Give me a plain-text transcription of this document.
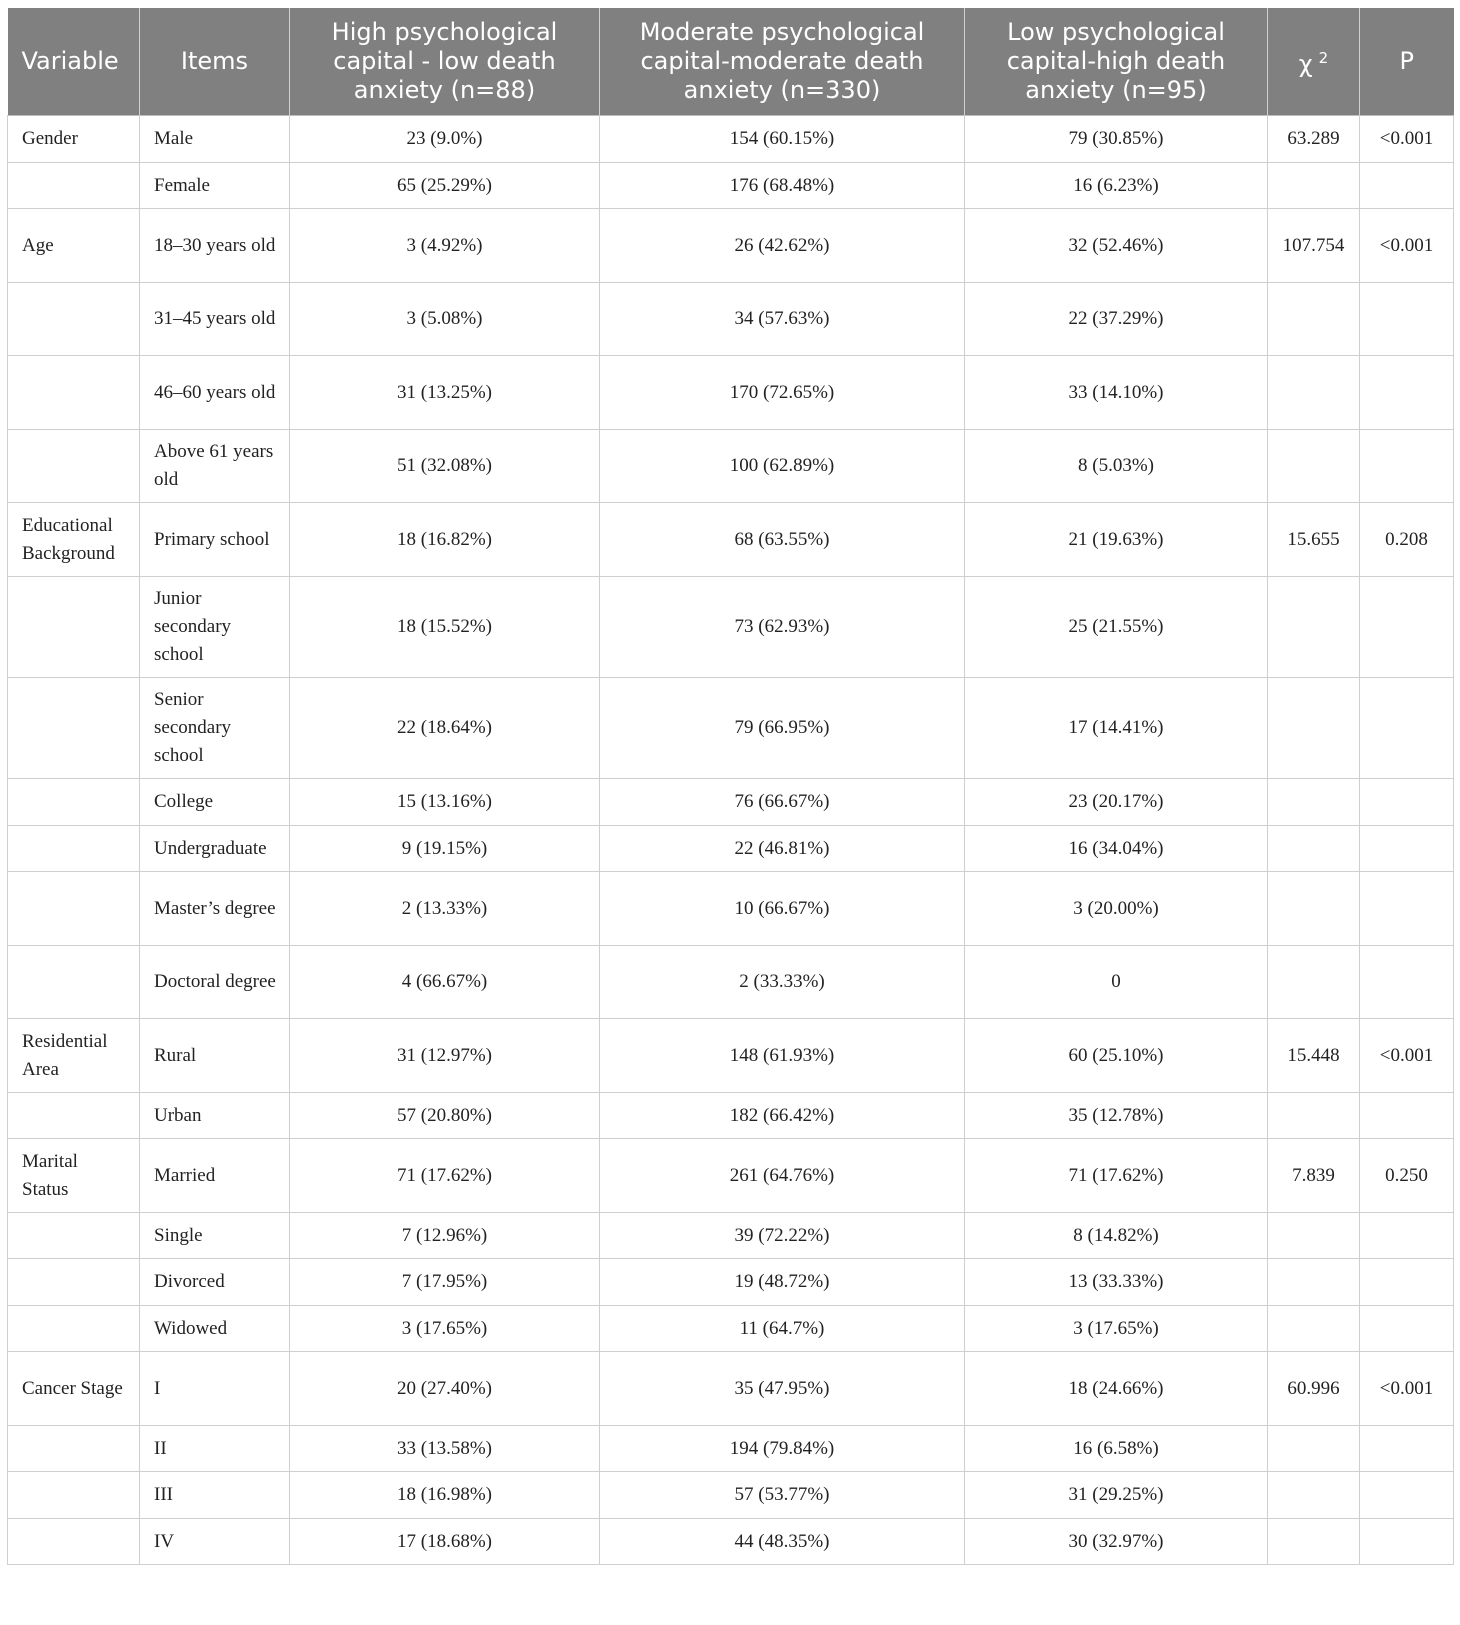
Variable	Items	High psychological capital - low death anxiety (n=88)	Moderate psychological capital-moderate death anxiety (n=330)	Low psychological capital-high death anxiety (n=95)	χ $^2$	P
Gender	Male	23 (9.0%)	154 (60.15%)	79 (30.85%)	63.289	<0.001
	Female	65 (25.29%)	176 (68.48%)	16 (6.23%)		
Age	18–30 years old	3 (4.92%)	26 (42.62%)	32 (52.46%)	107.754	<0.001
	31–45 years old	3 (5.08%)	34 (57.63%)	22 (37.29%)		
	46–60 years old	31 (13.25%)	170 (72.65%)	33 (14.10%)		
	Above 61 years old	51 (32.08%)	100 (62.89%)	8 (5.03%)		
Educational Background	Primary school	18 (16.82%)	68 (63.55%)	21 (19.63%)	15.655	0.208
	Junior secondary school	18 (15.52%)	73 (62.93%)	25 (21.55%)		
	Senior secondary school	22 (18.64%)	79 (66.95%)	17 (14.41%)		
	College	15 (13.16%)	76 (66.67%)	23 (20.17%)		
	Undergraduate	9 (19.15%)	22 (46.81%)	16 (34.04%)		
	Master’s degree	2 (13.33%)	10 (66.67%)	3 (20.00%)		
	Doctoral degree	4 (66.67%)	2 (33.33%)	0		
Residential Area	Rural	31 (12.97%)	148 (61.93%)	60 (25.10%)	15.448	<0.001
	Urban	57 (20.80%)	182 (66.42%)	35 (12.78%)		
Marital Status	Married	71 (17.62%)	261 (64.76%)	71 (17.62%)	7.839	0.250
	Single	7 (12.96%)	39 (72.22%)	8 (14.82%)		
	Divorced	7 (17.95%)	19 (48.72%)	13 (33.33%)		
	Widowed	3 (17.65%)	11 (64.7%)	3 (17.65%)		
Cancer Stage	I	20 (27.40%)	35 (47.95%)	18 (24.66%)	60.996	<0.001
	II	33 (13.58%)	194 (79.84%)	16 (6.58%)		
	III	18 (16.98%)	57 (53.77%)	31 (29.25%)		
	IV	17 (18.68%)	44 (48.35%)	30 (32.97%)		
